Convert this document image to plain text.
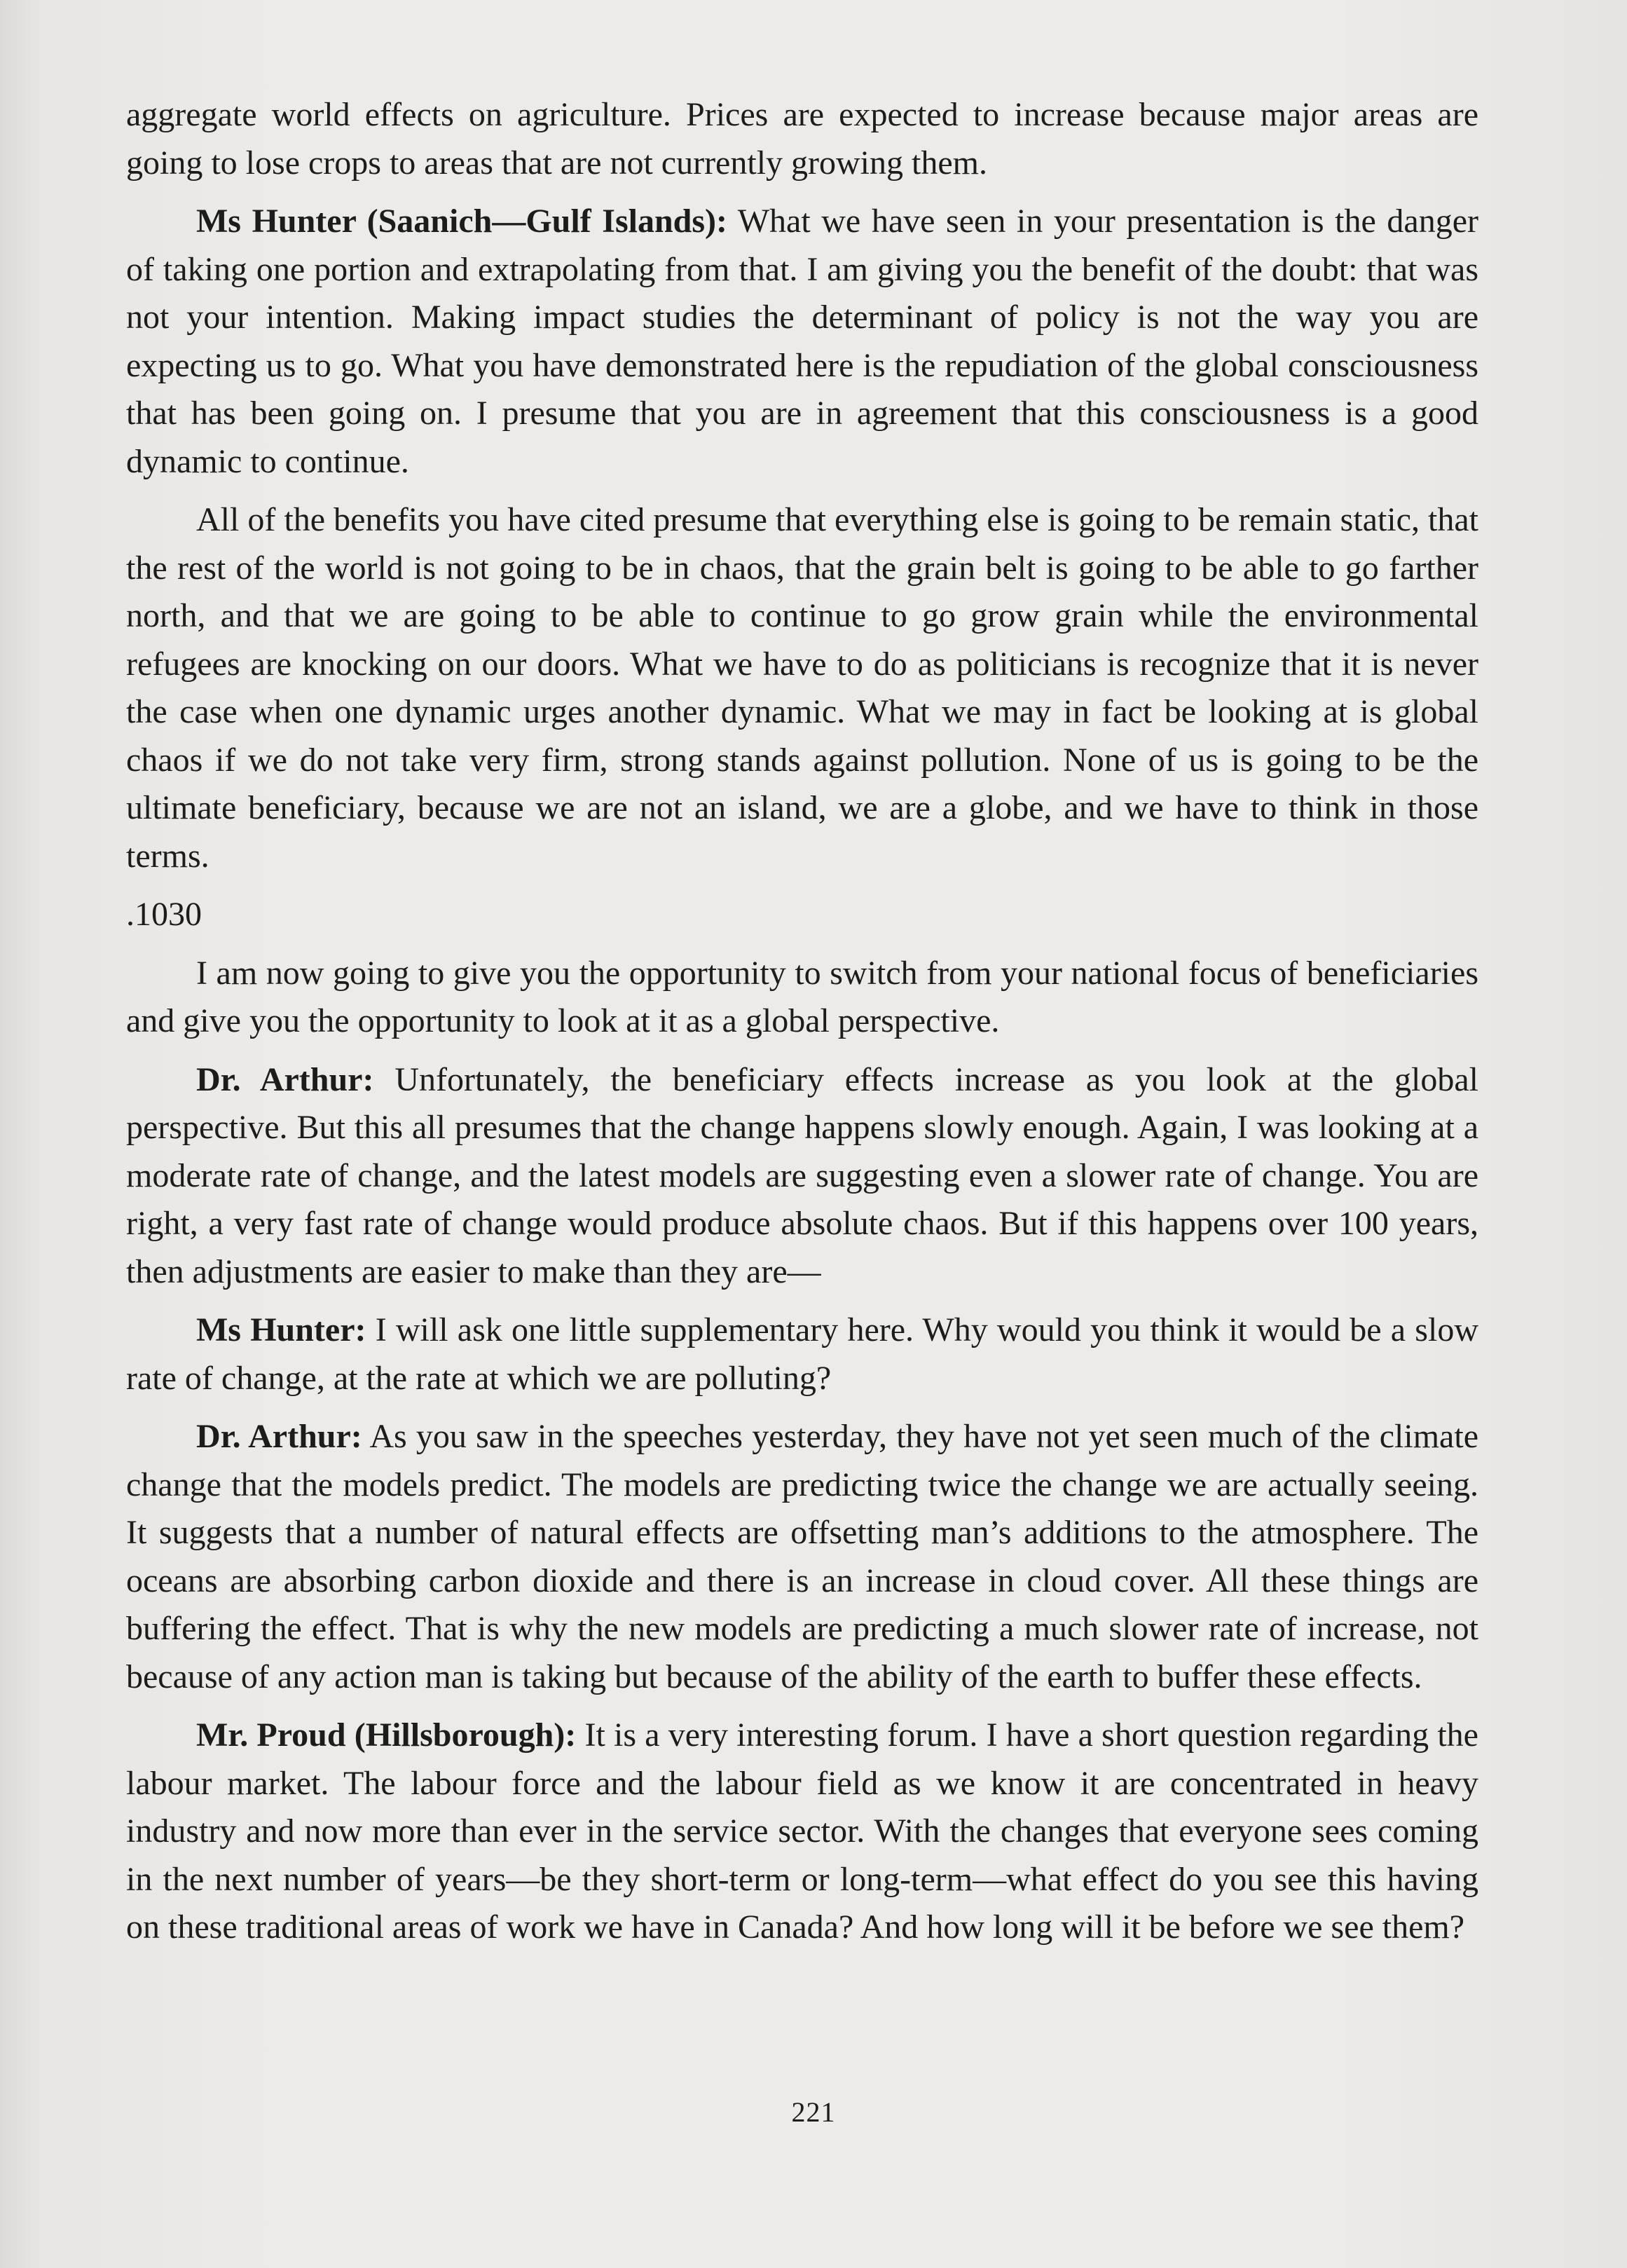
aggregate world effects on agriculture. Prices are expected to increase because major areas are going to lose crops to areas that are not currently growing them.

Ms Hunter (Saanich—Gulf Islands): What we have seen in your presentation is the danger of taking one portion and extrapolating from that. I am giving you the benefit of the doubt: that was not your intention. Making impact studies the determinant of policy is not the way you are expecting us to go. What you have demonstrated here is the repudiation of the global consciousness that has been going on. I presume that you are in agreement that this consciousness is a good dynamic to continue.

All of the benefits you have cited presume that everything else is going to be remain static, that the rest of the world is not going to be in chaos, that the grain belt is going to be able to go farther north, and that we are going to be able to continue to go grow grain while the environmental refugees are knocking on our doors. What we have to do as politicians is recognize that it is never the case when one dynamic urges another dynamic. What we may in fact be looking at is global chaos if we do not take very firm, strong stands against pollution. None of us is going to be the ultimate beneficiary, because we are not an island, we are a globe, and we have to think in those terms.

.1030

I am now going to give you the opportunity to switch from your national focus of beneficiaries and give you the opportunity to look at it as a global perspective.

Dr. Arthur: Unfortunately, the beneficiary effects increase as you look at the global perspective. But this all presumes that the change happens slowly enough. Again, I was looking at a moderate rate of change, and the latest models are suggesting even a slower rate of change. You are right, a very fast rate of change would produce absolute chaos. But if this happens over 100 years, then adjustments are easier to make than they are—

Ms Hunter: I will ask one little supplementary here. Why would you think it would be a slow rate of change, at the rate at which we are polluting?

Dr. Arthur: As you saw in the speeches yesterday, they have not yet seen much of the climate change that the models predict. The models are predicting twice the change we are actually seeing. It suggests that a number of natural effects are offsetting man’s additions to the atmosphere. The oceans are absorbing carbon dioxide and there is an increase in cloud cover. All these things are buffering the effect. That is why the new models are predicting a much slower rate of increase, not because of any action man is taking but because of the ability of the earth to buffer these effects.

Mr. Proud (Hillsborough): It is a very interesting forum. I have a short question regarding the labour market. The labour force and the labour field as we know it are concentrated in heavy industry and now more than ever in the service sector. With the changes that everyone sees coming in the next number of years—be they short-term or long-term—what effect do you see this having on these traditional areas of work we have in Canada? And how long will it be before we see them?

221
